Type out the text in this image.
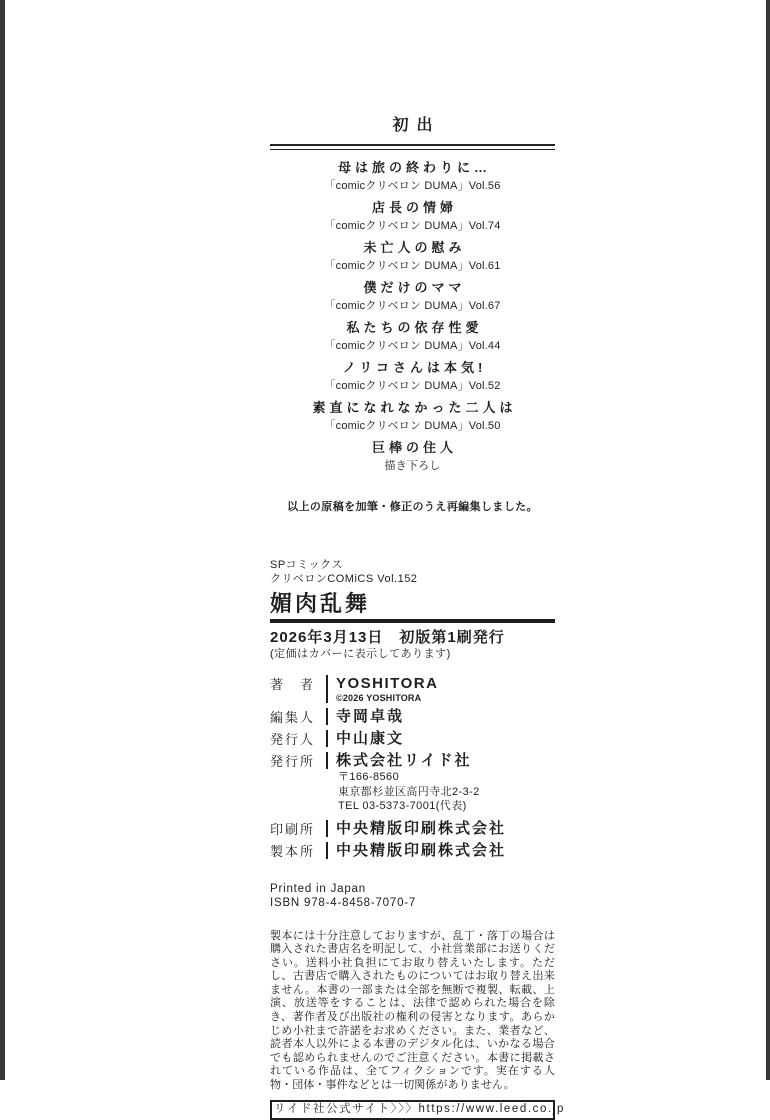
初出
母は旅の終わりに…
「comicクリベロン DUMA」Vol.56
店長の情婦
「comicクリベロン DUMA」Vol.74
未亡人の慰み
「comicクリベロン DUMA」Vol.61
僕だけのママ
「comicクリベロン DUMA」Vol.67
私たちの依存性愛
「comicクリベロン DUMA」Vol.44
ノリコさんは本気!
「comicクリベロン DUMA」Vol.52
素直になれなかった二人は
「comicクリベロン DUMA」Vol.50
巨棒の住人
描き下ろし
以上の原稿を加筆・修正のうえ再編集しました。
SPコミックス
クリベロンCOMiCS Vol.152
媚肉乱舞
2026年3月13日　初版第1刷発行
(定価はカバーに表示してあります)
著者 YOSHITORA
©2026 YOSHITORA
編集人 寺岡卓哉
発行人 中山康文
発行所 株式会社リイド社
〒166-8560
東京都杉並区高円寺北2-3-2
TEL 03-5373-7001(代表)
印刷所 中央精版印刷株式会社
製本所 中央精版印刷株式会社
Printed in Japan
ISBN 978-4-8458-7070-7
製本には十分注意しておりますが、乱丁・落丁の場合は購入された書店名を明記して、小社営業部にお送りください。送料小社負担にてお取り替えいたします。ただし、古書店で購入されたものについてはお取り替え出来ません。本書の一部または全部を無断で複製、転載、上演、放送等をすることは、法律で認められた場合を除き、著作者及び出版社の権利の侵害となります。あらかじめ小社まで許諾をお求めください。また、業者など、読者本人以外による本書のデジタル化は、いかなる場合でも認められませんのでご注意ください。本書に掲載されている作品は、全てフィクションです。実在する人物・団体・事件などとは一切関係がありません。
リイド社公式サイト〉〉〉https://www.leed.co.jp
